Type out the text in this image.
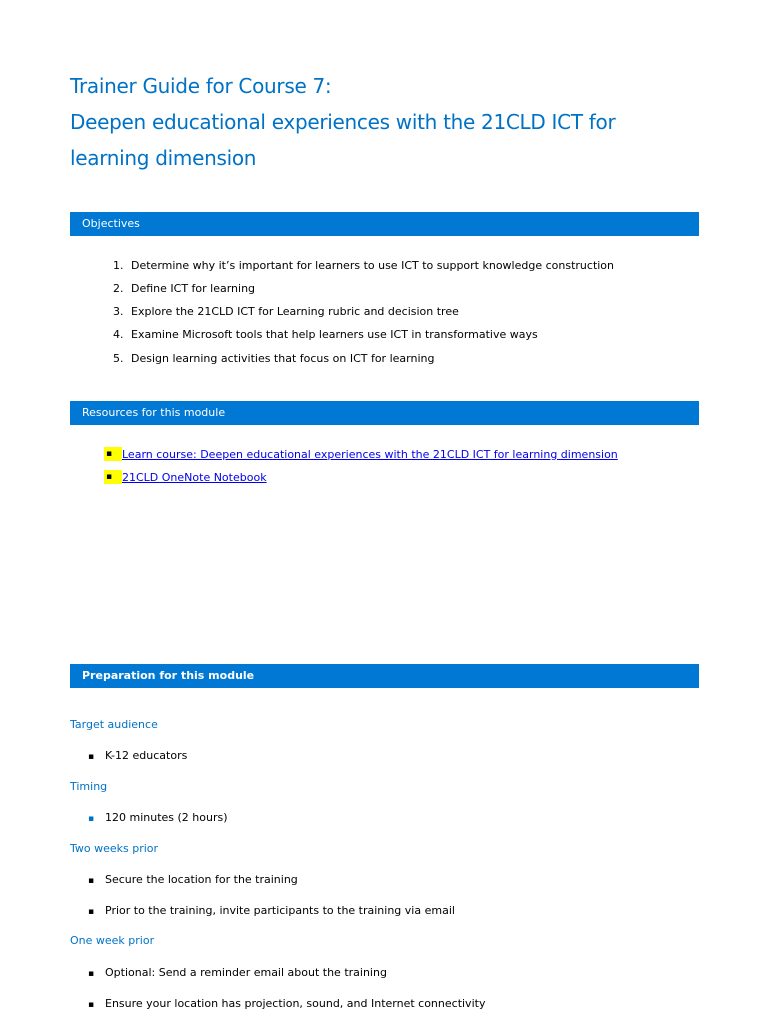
Trainer Guide for Course 7:
Deepen educational experiences with the 21CLD ICT for
learning dimension
Objectives
1. Determine why it’s important for learners to use ICT to support knowledge construction
2. Define ICT for learning
3. Explore the 21CLD ICT for Learning rubric and decision tree
4. Examine Microsoft tools that help learners use ICT in transformative ways
5. Design learning activities that focus on ICT for learning
Resources for this module
▪ Learn course: Deepen educational experiences with the 21CLD ICT for learning dimension
▪ 21CLD OneNote Notebook
Preparation for this module
Target audience
▪ K-12 educators
Timing
▪ 120 minutes (2 hours)
Two weeks prior
▪ Secure the location for the training
▪ Prior to the training, invite participants to the training via email
One week prior
▪ Optional: Send a reminder email about the training
▪ Ensure your location has projection, sound, and Internet connectivity
